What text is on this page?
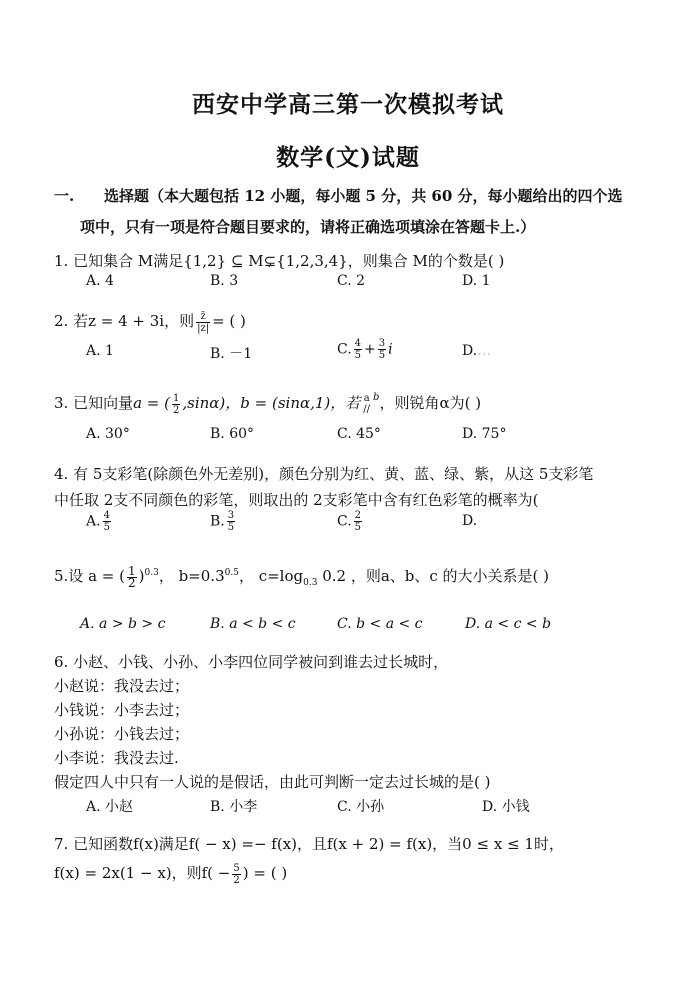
西安中学高三第一次模拟考试
数学(文)试题
一. 选择题（本大题包括 12 小题，每小题 5 分，共 60 分，每小题给出的四个选
项中，只有一项是符合题目要求的，请将正确选项填涂在答题卡上.）
1. 已知集合 M满足{1,2} ⊆ M⊊{1,2,3,4}，则集合 M的个数是( )
A. 4	B. 3	C. 2	D. 1
2. 若z = 4 + 3i，则 $\frac{z̄}{|z|}$ = ( )
A. 1	B. －1	C. $\frac{4}{5} + \frac{3}{5}$ i	D.…
3. 已知向量a = ( $\frac{1}{2} ,\sin\alpha$)，b = (sinα,1)，若 a
//
$^b$，则锐角α为( )
A. 30°	B. 60°	C. 45°	D. 75°
4. 有 5支彩笔(除颜色外无差别)，颜色分别为红、黄、蓝、绿、紫，从这 5支彩笔
中任取 2支不同颜色的彩笔，则取出的 2支彩笔中含有红色彩笔的概率为(
A. $\frac{4}{5}$	B. $\frac{3}{5}$	C. $\frac{2}{5}$	D.
5.设 a = ( $\frac{1}{2} )^{0.3}$， $b=0.3^{0.5}$， $c=\log_{0.3}$ 0.2 ，则a、b、c 的大小关系是( )
A. a > b > c	B. a < b < c	C. b < a < c	D. a < c < b
6. 小赵、小钱、小孙、小李四位同学被问到谁去过长城时，
小赵说：我没去过；
小钱说：小李去过；
小孙说：小钱去过；
小李说：我没去过.
假定四人中只有一人说的是假话，由此可判断一定去过长城的是( )
A. 小赵	B. 小李	C. 小孙	D. 小钱
7. 已知函数f(x)满足f( − x) =− f(x)，且f(x + 2) = f(x)，当0 ≤ x ≤ 1时，
f(x) = 2x(1 − x)，则$f( - \frac{5}{2}$ ) = ( )
